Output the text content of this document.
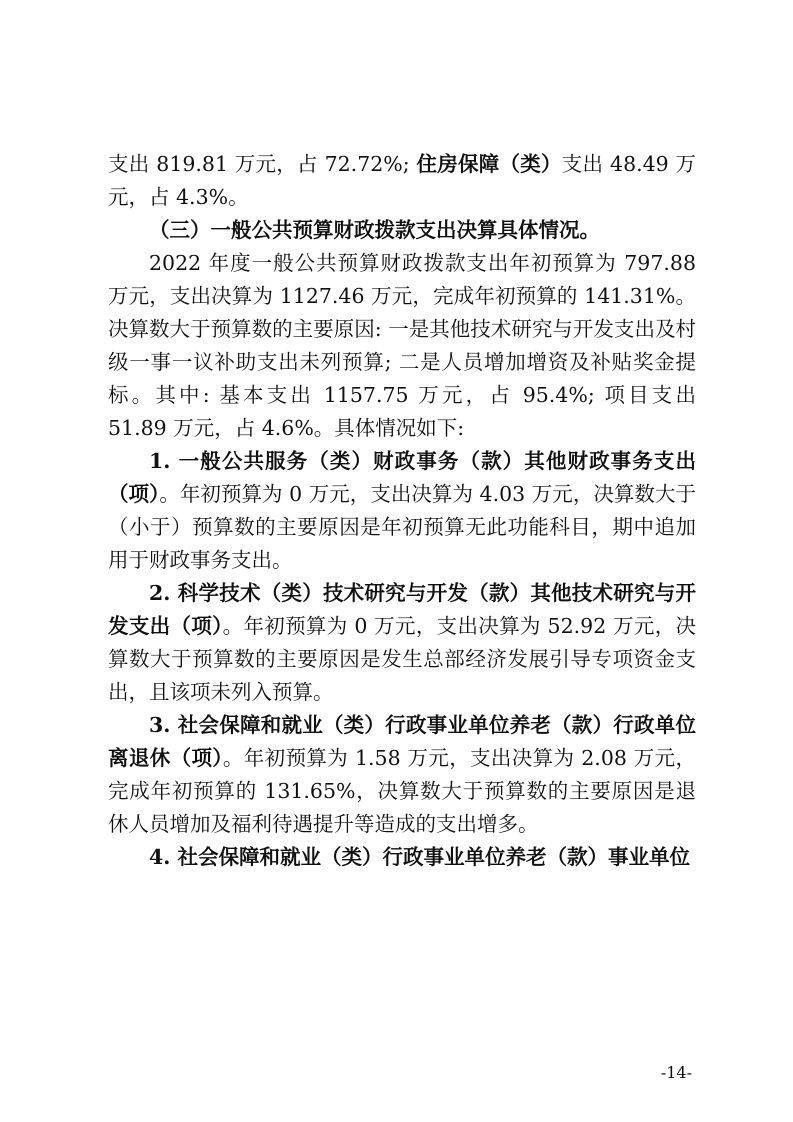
支出 819.81 万元，占 72.72%; 住房保障（类）支出 48.49 万元，占 4.3%。

（三）一般公共预算财政拨款支出决算具体情况。

2022 年度一般公共预算财政拨款支出年初预算为 797.88 万元，支出决算为 1127.46 万元，完成年初预算的 141.31%。决算数大于预算数的主要原因: 一是其他技术研究与开发支出及村级一事一议补助支出未列预算; 二是人员增加增资及补贴奖金提标。其中: 基本支出 1157.75 万元，占 95.4%; 项目支出 51.89 万元，占 4.6%。具体情况如下:

1. 一般公共服务（类）财政事务（款）其他财政事务支出（项）。年初预算为 0 万元，支出决算为 4.03 万元，决算数大于（小于）预算数的主要原因是年初预算无此功能科目，期中追加用于财政事务支出。

2. 科学技术（类）技术研究与开发（款）其他技术研究与开发支出（项）。年初预算为 0 万元，支出决算为 52.92 万元，决算数大于预算数的主要原因是发生总部经济发展引导专项资金支出，且该项未列入预算。

3. 社会保障和就业（类）行政事业单位养老（款）行政单位离退休（项）。年初预算为 1.58 万元，支出决算为 2.08 万元，完成年初预算的 131.65%，决算数大于预算数的主要原因是退休人员增加及福利待遇提升等造成的支出增多。

4. 社会保障和就业（类）行政事业单位养老（款）事业单位

-14-
